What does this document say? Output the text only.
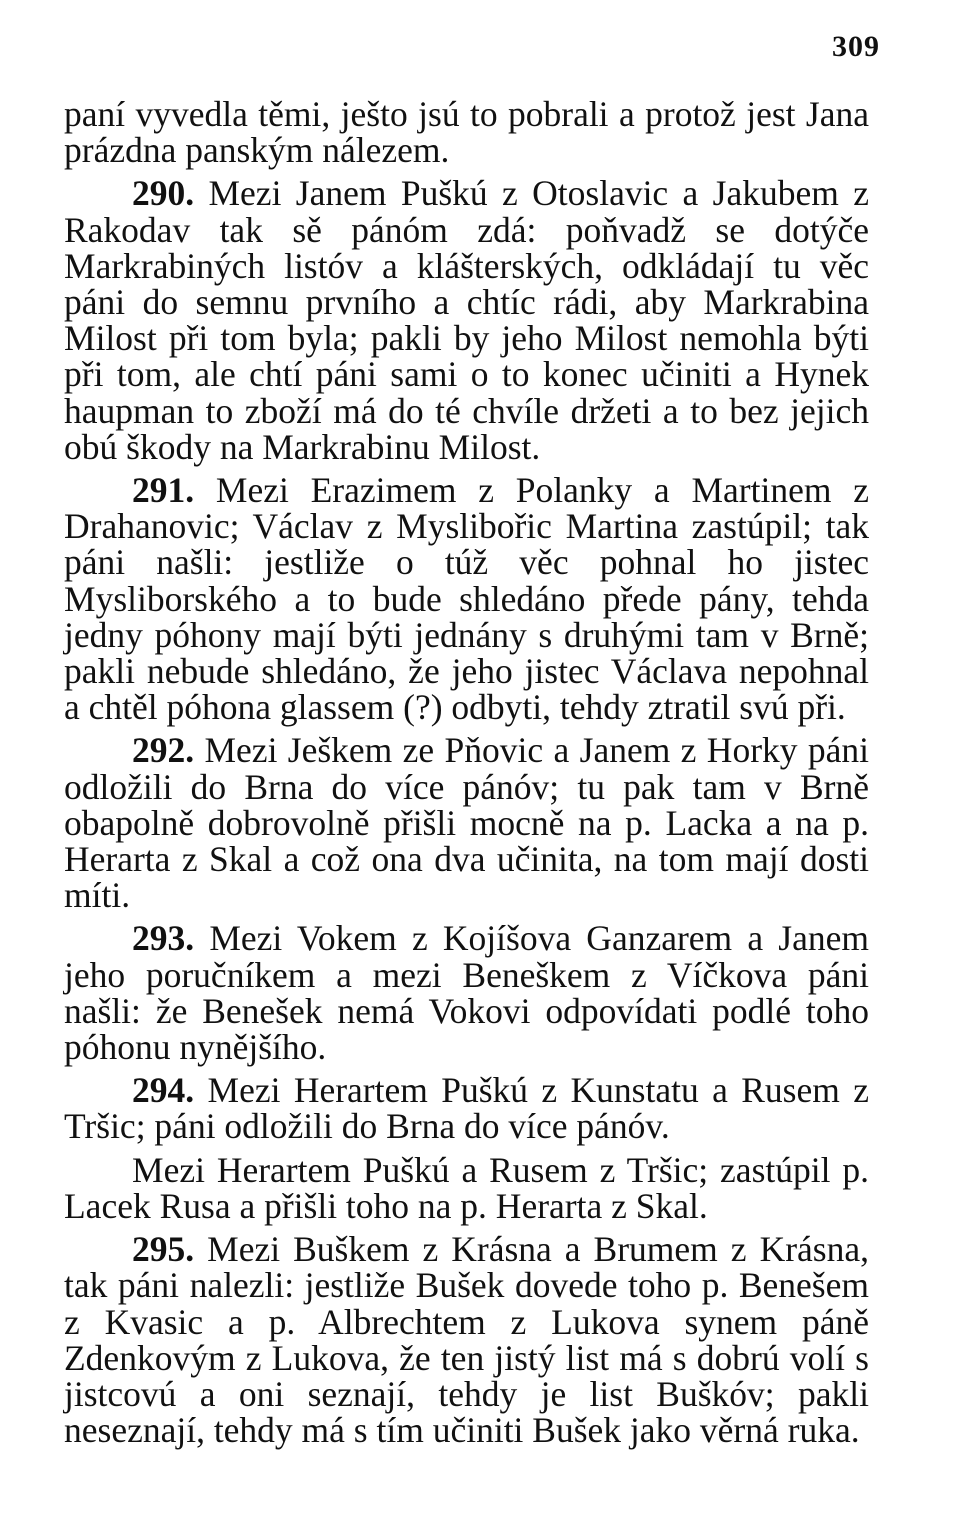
309

paní vyvedla těmi, ješto jsú to pobrali a protož jest Jana prázdna panským nálezem.

290. Mezi Janem Puškú z Otoslavic a Jakubem z Rakodav tak sě pánóm zdá: poňvadž se dotýče Markrabiných listóv a klášterských, odkládají tu věc páni do semnu prvního a chtíc rádi, aby Markrabina Milost při tom byla; pakli by jeho Milost nemohla býti při tom, ale chtí páni sami o to konec učiniti a Hynek haupman to zboží má do té chvíle držeti a to bez jejich obú škody na Markrabinu Milost.

291. Mezi Erazimem z Polanky a Martinem z Drahanovic; Václav z Myslibořic Martina zastúpil; tak páni našli: jestliže o túž věc pohnal ho jistec Mysliborského a to bude shledáno přede pány, tehda jedny póhony mají býti jednány s druhými tam v Brně; pakli nebude shledáno, že jeho jistec Václava nepohnal a chtěl póhona glassem (?) odbyti, tehdy ztratil svú při.

292. Mezi Ješkem ze Pňovic a Janem z Horky páni odložili do Brna do více pánóv; tu pak tam v Brně obapolně dobrovolně přišli mocně na p. Lacka a na p. Herarta z Skal a což ona dva učinita, na tom mají dosti míti.

293. Mezi Vokem z Kojíšova Ganzarem a Janem jeho poručníkem a mezi Beneškem z Víčkova páni našli: že Benešek nemá Vokovi odpovídati podlé toho póhonu nynějšího.

294. Mezi Herartem Puškú z Kunstatu a Rusem z Tršic; páni odložili do Brna do více pánóv.

Mezi Herartem Puškú a Rusem z Tršic; zastúpil p. Lacek Rusa a přišli toho na p. Herarta z Skal.

295. Mezi Buškem z Krásna a Brumem z Krásna, tak páni nalezli: jestliže Bušek dovede toho p. Benešem z Kvasic a p. Albrechtem z Lukova synem páně Zdenkovým z Lukova, že ten jistý list má s dobrú volí s jistcovú a oni seznají, tehdy je list Buškóv; pakli neseznají, tehdy má s tím učiniti Bušek jako věrná ruka.
